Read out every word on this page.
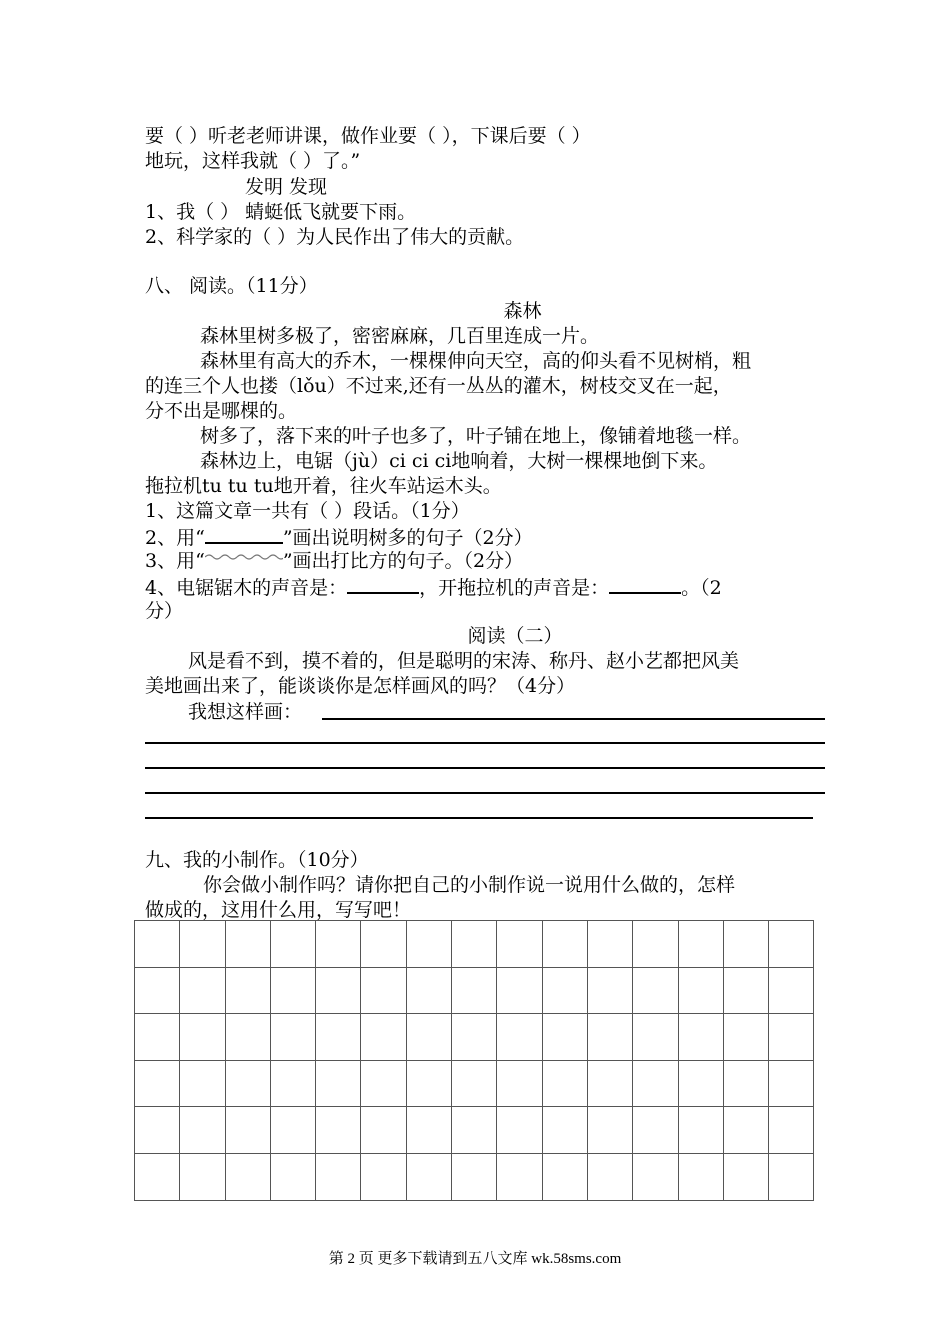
要（ ）听老老师讲课，做作业要（ ），下课后要（ ）
地玩，这样我就（ ）了。”
发明 发现
1、我（ ） 蜻蜓低飞就要下雨。
2、科学家的（ ）为人民作出了伟大的贡献。
八、 阅读。（11分）
森林
森林里树多极了，密密麻麻，几百里连成一片。
森林里有高大的乔木，一棵棵伸向天空，高的仰头看不见树梢，粗
的连三个人也搂（lǒu）不过来,还有一丛丛的灌木，树枝交叉在一起，
分不出是哪棵的。
树多了，落下来的叶子也多了，叶子铺在地上，像铺着地毯一样。
森林边上，电锯（jù）ci ci ci地响着，大树一棵棵地倒下来。
拖拉机tu tu tu地开着，往火车站运木头。
1、这篇文章一共有（ ）段话。（1分）
2、用“	”画出说明树多的句子（2分）
3、用“	”画出打比方的句子。（2分）
4、电锯锯木的声音是：	，开拖拉机的声音是：	。（2
分）
阅读（二）
风是看不到，摸不着的，但是聪明的宋涛、称丹、赵小艺都把风美
美地画出来了，能谈谈你是怎样画风的吗？（4分）
我想这样画：
九、我的小制作。（10分）
你会做小制作吗？请你把自己的小制作说一说用什么做的，怎样
做成的，这用什么用，写写吧！

第 2 页 更多下载请到五八文库 wk.58sms.com
